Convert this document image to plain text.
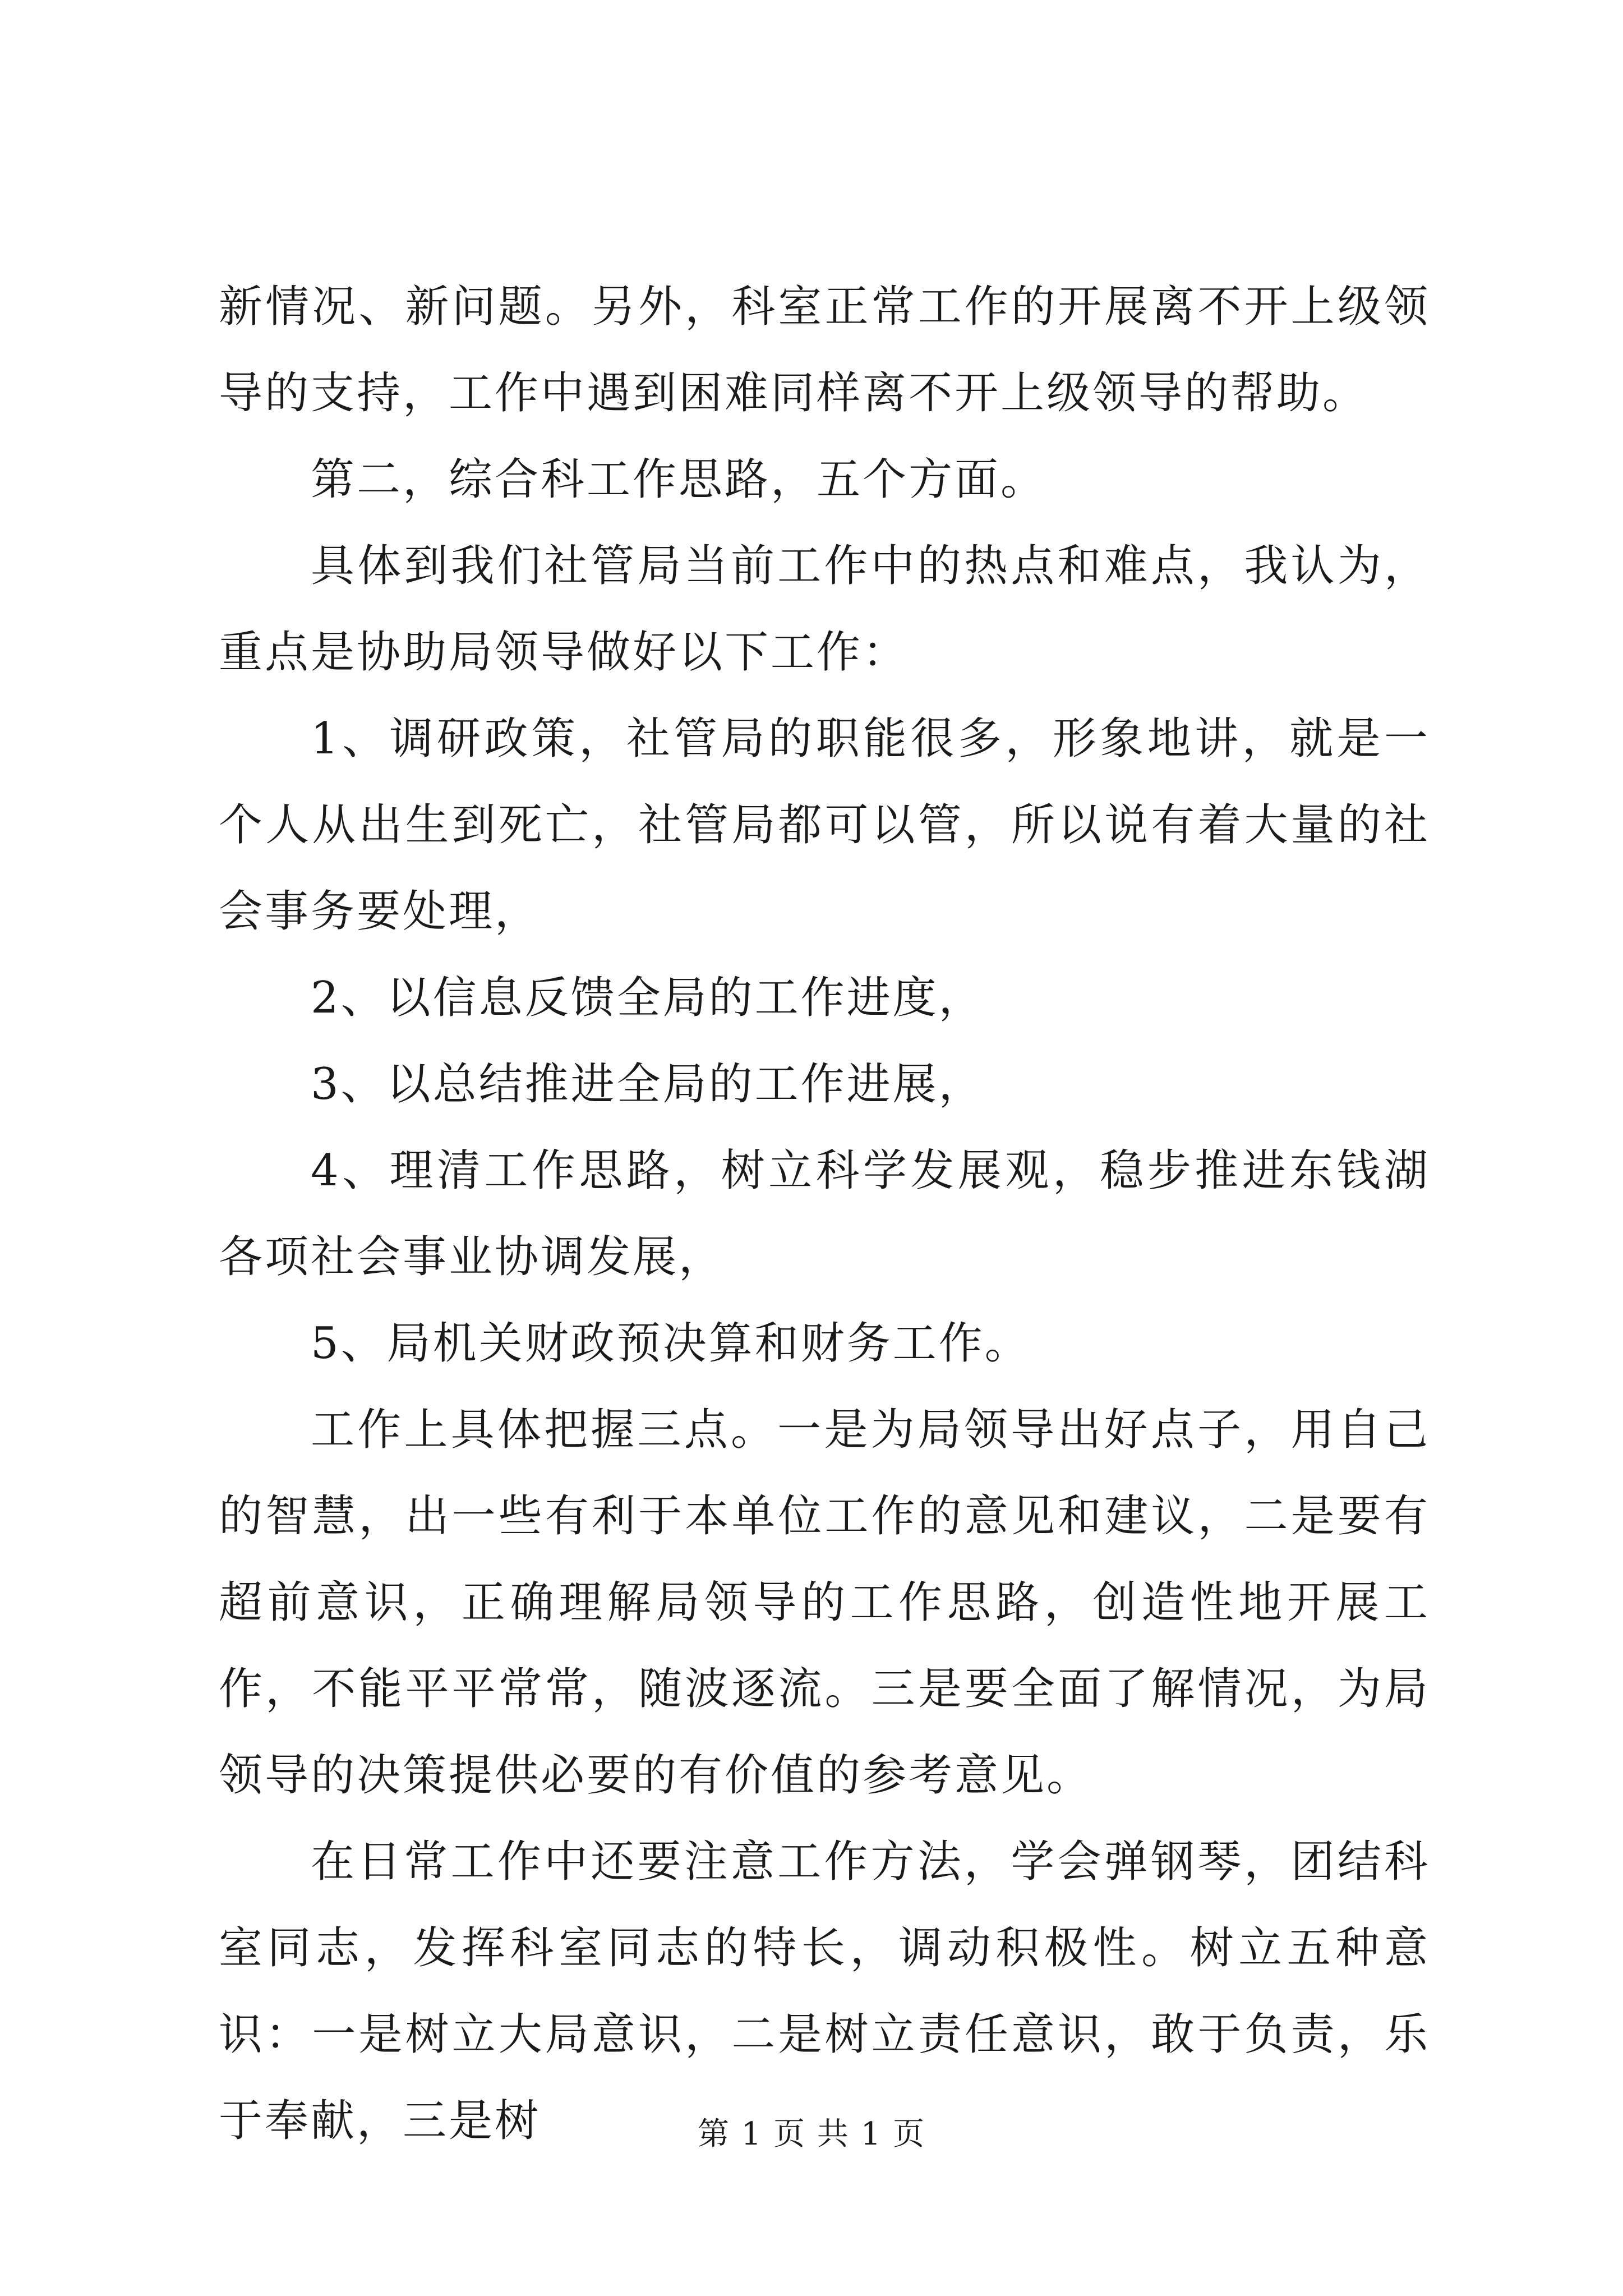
新情况、新问题。另外，科室正常工作的开展离不开上级领导的支持，工作中遇到困难同样离不开上级领导的帮助。

第二，综合科工作思路，五个方面。

具体到我们社管局当前工作中的热点和难点，我认为，重点是协助局领导做好以下工作：

1、调研政策，社管局的职能很多，形象地讲，就是一个人从出生到死亡，社管局都可以管，所以说有着大量的社会事务要处理，

2、以信息反馈全局的工作进度，

3、以总结推进全局的工作进展，

4、理清工作思路，树立科学发展观，稳步推进东钱湖各项社会事业协调发展，

5、局机关财政预决算和财务工作。

工作上具体把握三点。一是为局领导出好点子，用自己的智慧，出一些有利于本单位工作的意见和建议，二是要有超前意识，正确理解局领导的工作思路，创造性地开展工作，不能平平常常，随波逐流。三是要全面了解情况，为局领导的决策提供必要的有价值的参考意见。

在日常工作中还要注意工作方法，学会弹钢琴，团结科室同志，发挥科室同志的特长，调动积极性。树立五种意识：一是树立大局意识，二是树立责任意识，敢于负责，乐于奉献，三是树	第 1 页 共 1 页
